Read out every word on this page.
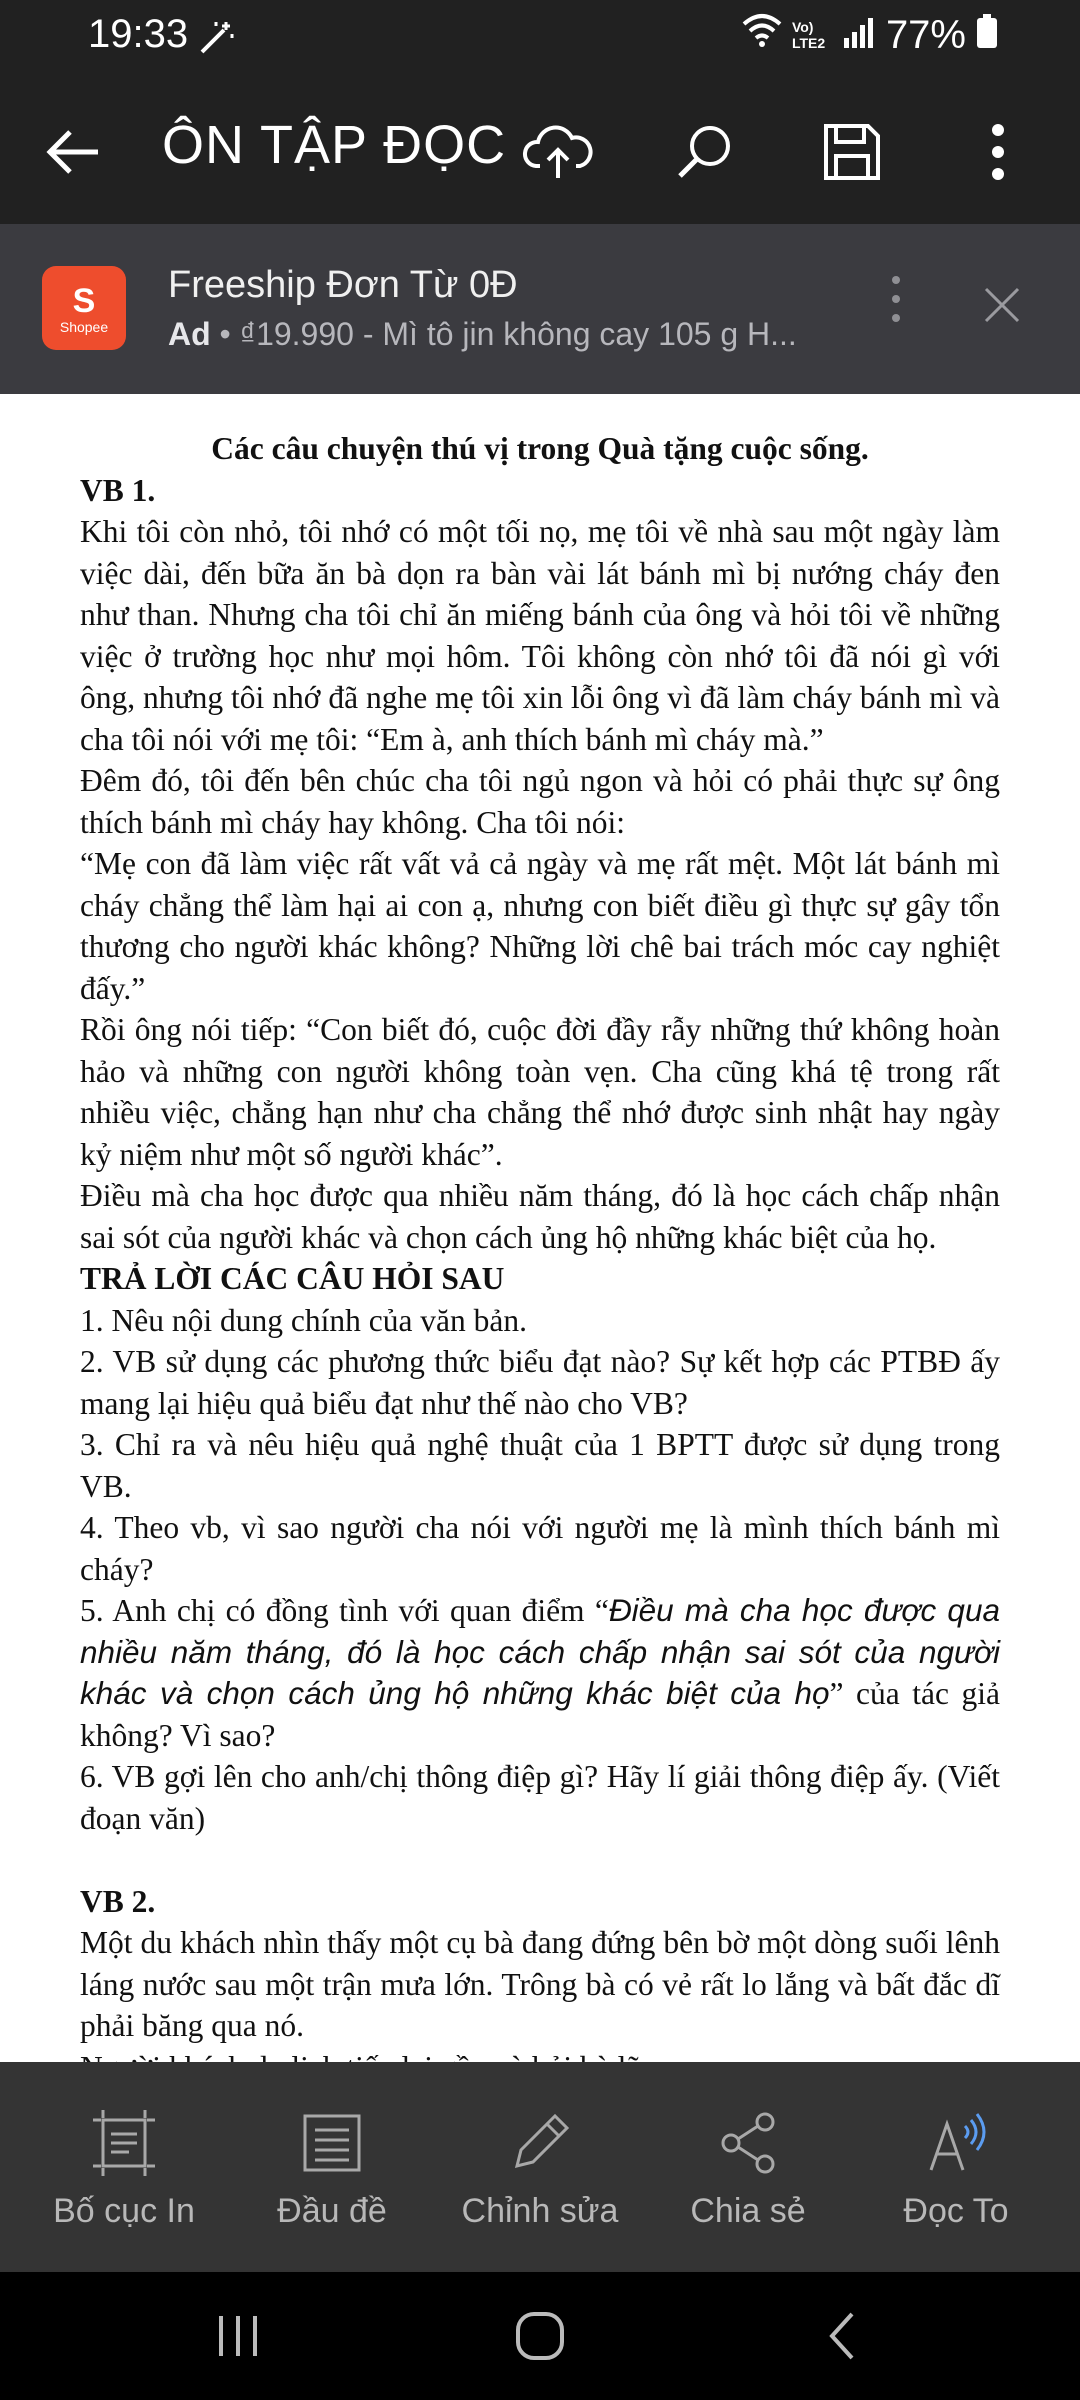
19:33	Vo) LTE2 77%
ÔN TẬP ĐỌC
S
Shopee
Freeship Đơn Từ 0Đ
Ad • ₫19.990 - Mì tô jin không cay 105 g H...

Các câu chuyện thú vị trong Quà tặng cuộc sống.

VB 1.

Khi tôi còn nhỏ, tôi nhớ có một tối nọ, mẹ tôi về nhà sau một ngày làm việc dài, đến bữa ăn bà dọn ra bàn vài lát bánh mì bị nướng cháy đen như than. Nhưng cha tôi chỉ ăn miếng bánh của ông và hỏi tôi về những việc ở trường học như mọi hôm. Tôi không còn nhớ tôi đã nói gì với ông, nhưng tôi nhớ đã nghe mẹ tôi xin lỗi ông vì đã làm cháy bánh mì và cha tôi nói với mẹ tôi: “Em à, anh thích bánh mì cháy mà.”

Đêm đó, tôi đến bên chúc cha tôi ngủ ngon và hỏi có phải thực sự ông thích bánh mì cháy hay không. Cha tôi nói:

“Mẹ con đã làm việc rất vất vả cả ngày và mẹ rất mệt. Một lát bánh mì cháy chẳng thể làm hại ai con ạ, nhưng con biết điều gì thực sự gây tổn thương cho người khác không? Những lời chê bai trách móc cay nghiệt đấy.”

Rồi ông nói tiếp: “Con biết đó, cuộc đời đầy rẫy những thứ không hoàn hảo và những con người không toàn vẹn. Cha cũng khá tệ trong rất nhiều việc, chẳng hạn như cha chẳng thể nhớ được sinh nhật hay ngày kỷ niệm như một số người khác”.

Điều mà cha học được qua nhiều năm tháng, đó là học cách chấp nhận sai sót của người khác và chọn cách ủng hộ những khác biệt của họ.

TRẢ LỜI CÁC CÂU HỎI SAU

1. Nêu nội dung chính của văn bản.

2. VB sử dụng các phương thức biểu đạt nào? Sự kết hợp các PTBĐ ấy mang lại hiệu quả biểu đạt như thế nào cho VB?

3. Chỉ ra và nêu hiệu quả nghệ thuật của 1 BPTT được sử dụng trong VB.

4. Theo vb, vì sao người cha nói với người mẹ là mình thích bánh mì cháy?

5. Anh chị có đồng tình với quan điểm “Điều mà cha học được qua nhiều năm tháng, đó là học cách chấp nhận sai sót của người khác và chọn cách ủng hộ những khác biệt của họ” của tác giả không? Vì sao?

6. VB gợi lên cho anh/chị thông điệp gì? Hãy lí giải thông điệp ấy. (Viết đoạn văn)

VB 2.

Một du khách nhìn thấy một cụ bà đang đứng bên bờ một dòng suối lênh láng nước sau một trận mưa lớn. Trông bà có vẻ rất lo lắng và bất đắc dĩ phải băng qua nó.

Bố cục In	Đầu đề	Chỉnh sửa	Chia sẻ	Đọc To
